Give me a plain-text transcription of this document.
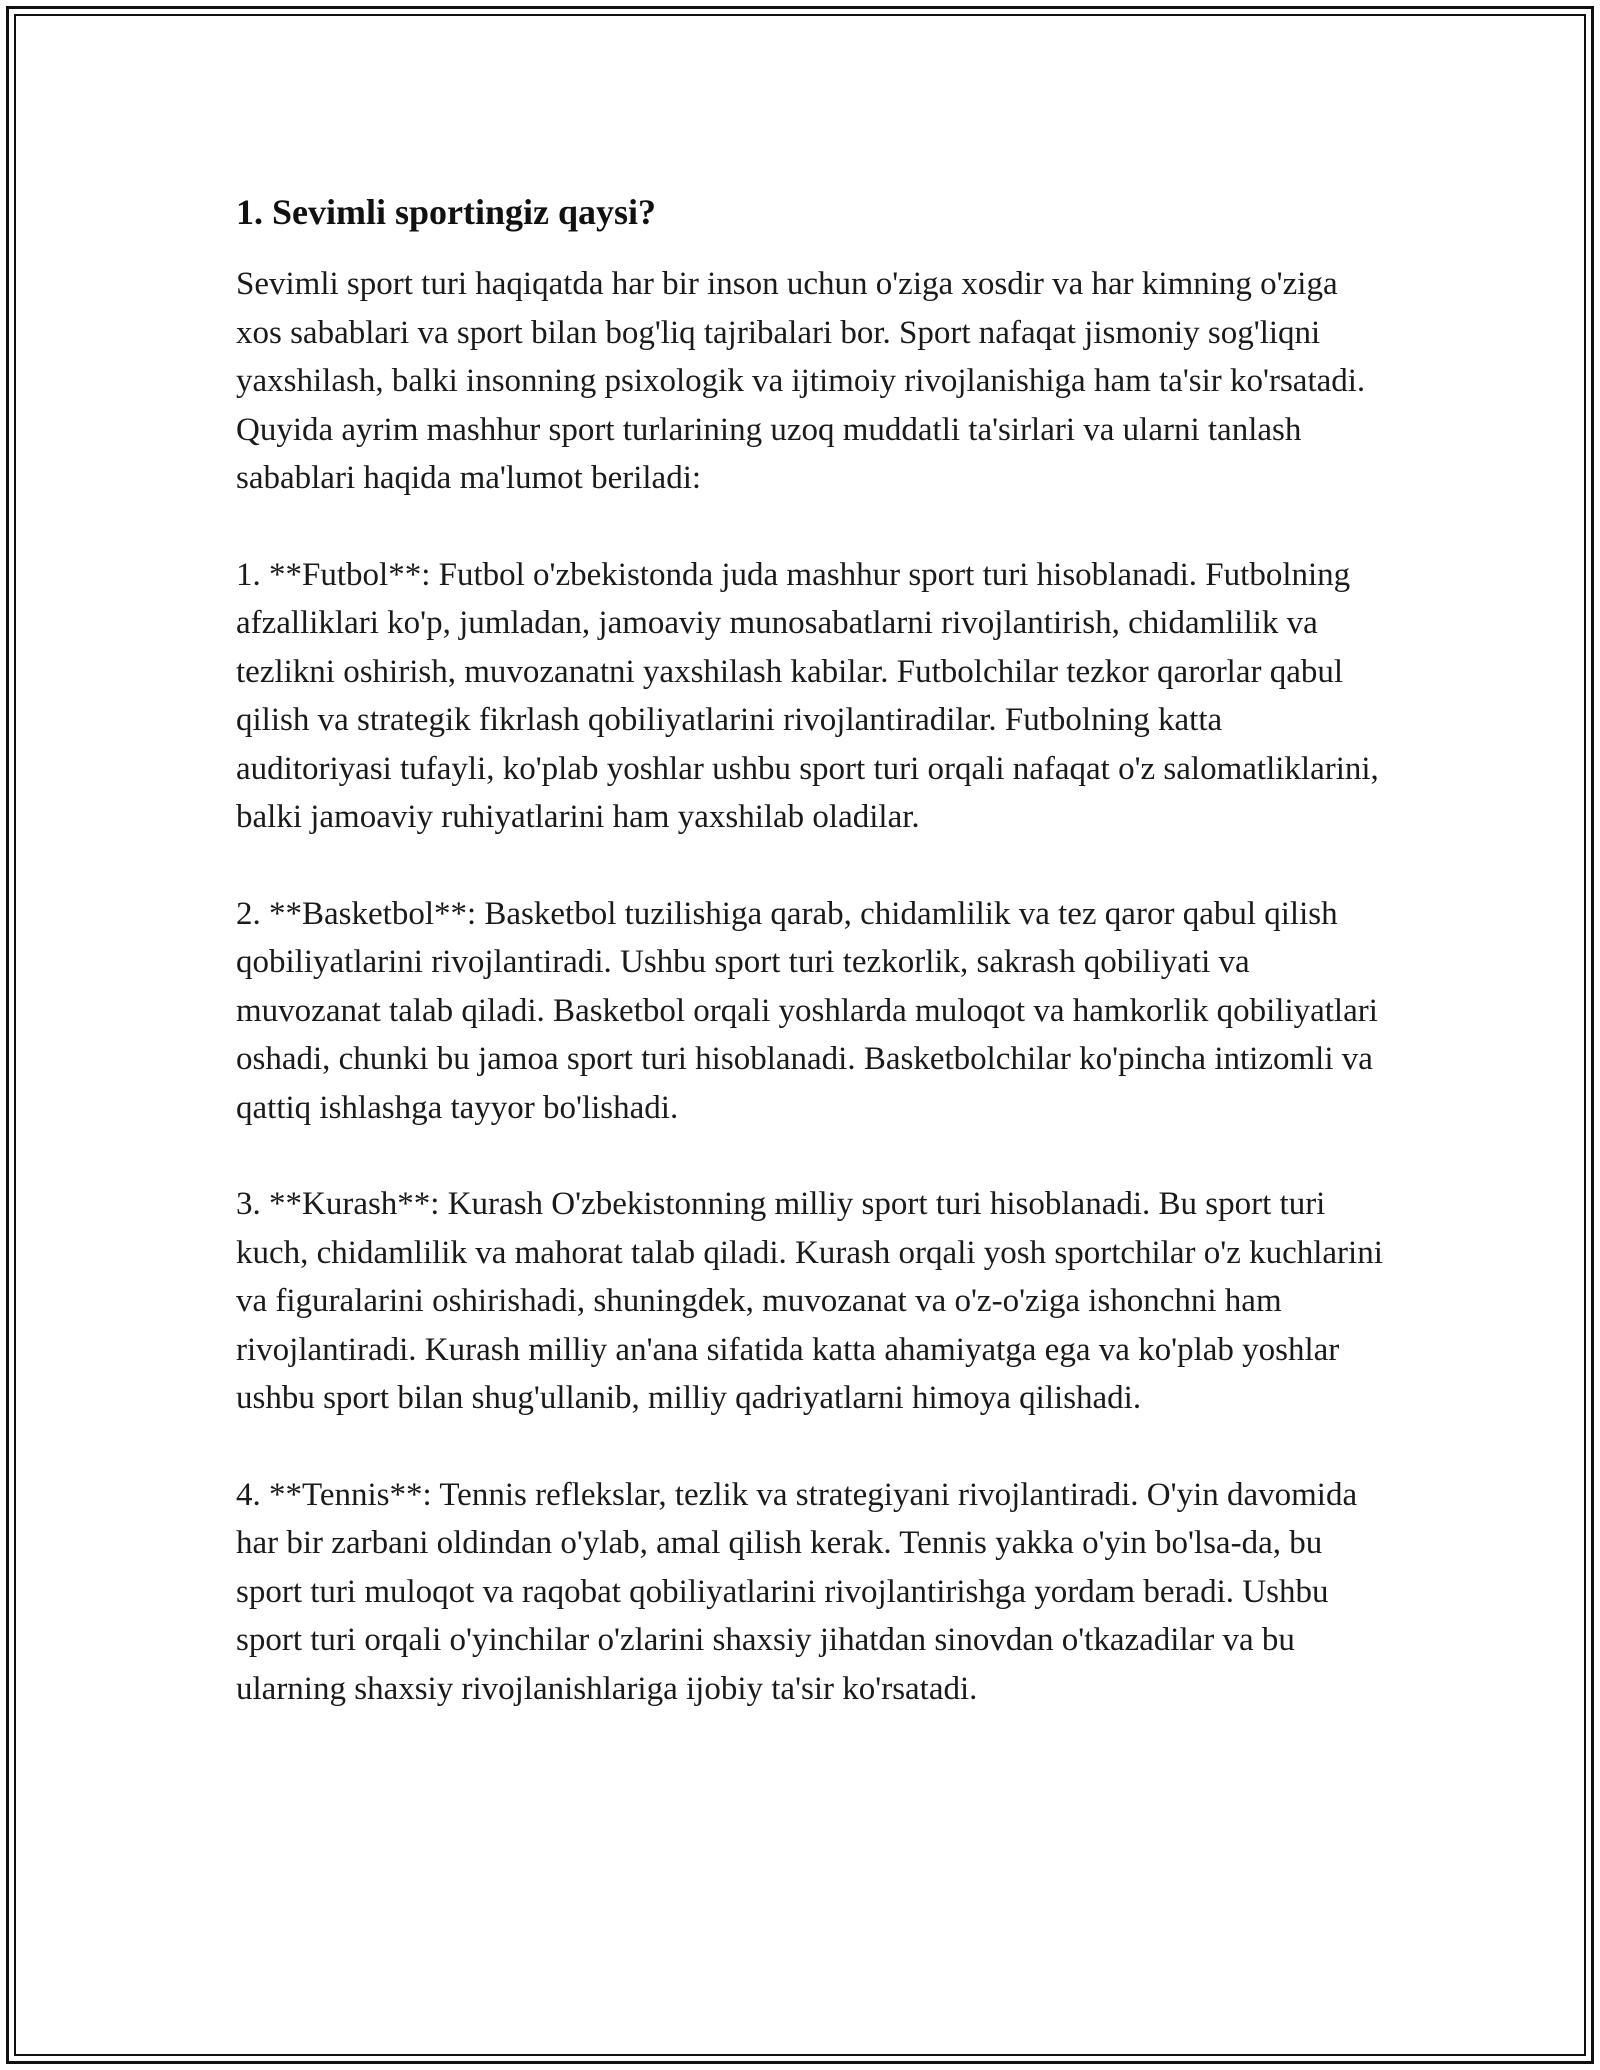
1. Sevimli sportingiz qaysi?

Sevimli sport turi haqiqatda har bir inson uchun o'ziga xosdir va har kimning o'ziga xos sabablari va sport bilan bog'liq tajribalari bor. Sport nafaqat jismoniy sog'liqni yaxshilash, balki insonning psixologik va ijtimoiy rivojlanishiga ham ta'sir ko'rsatadi. Quyida ayrim mashhur sport turlarining uzoq muddatli ta'sirlari va ularni tanlash sabablari haqida ma'lumot beriladi:

1. **Futbol**: Futbol o'zbekistonda juda mashhur sport turi hisoblanadi. Futbolning afzalliklari ko'p, jumladan, jamoaviy munosabatlarni rivojlantirish, chidamlilik va tezlikni oshirish, muvozanatni yaxshilash kabilar. Futbolchilar tezkor qarorlar qabul qilish va strategik fikrlash qobiliyatlarini rivojlantiradilar. Futbolning katta auditoriyasi tufayli, ko'plab yoshlar ushbu sport turi orqali nafaqat o'z salomatliklarini, balki jamoaviy ruhiyatlarini ham yaxshilab oladilar.

2. **Basketbol**: Basketbol tuzilishiga qarab, chidamlilik va tez qaror qabul qilish qobiliyatlarini rivojlantiradi. Ushbu sport turi tezkorlik, sakrash qobiliyati va muvozanat talab qiladi. Basketbol orqali yoshlarda muloqot va hamkorlik qobiliyatlari oshadi, chunki bu jamoa sport turi hisoblanadi. Basketbolchilar ko'pincha intizomli va qattiq ishlashga tayyor bo'lishadi.

3. **Kurash**: Kurash O'zbekistonning milliy sport turi hisoblanadi. Bu sport turi kuch, chidamlilik va mahorat talab qiladi. Kurash orqali yosh sportchilar o'z kuchlarini va figuralarini oshirishadi, shuningdek, muvozanat va o'z-o'ziga ishonchni ham rivojlantiradi. Kurash milliy an'ana sifatida katta ahamiyatga ega va ko'plab yoshlar ushbu sport bilan shug'ullanib, milliy qadriyatlarni himoya qilishadi.

4. **Tennis**: Tennis reflekslar, tezlik va strategiyani rivojlantiradi. O'yin davomida har bir zarbani oldindan o'ylab, amal qilish kerak. Tennis yakka o'yin bo'lsa-da, bu sport turi muloqot va raqobat qobiliyatlarini rivojlantirishga yordam beradi. Ushbu sport turi orqali o'yinchilar o'zlarini shaxsiy jihatdan sinovdan o'tkazadilar va bu ularning shaxsiy rivojlanishlariga ijobiy ta'sir ko'rsatadi.
